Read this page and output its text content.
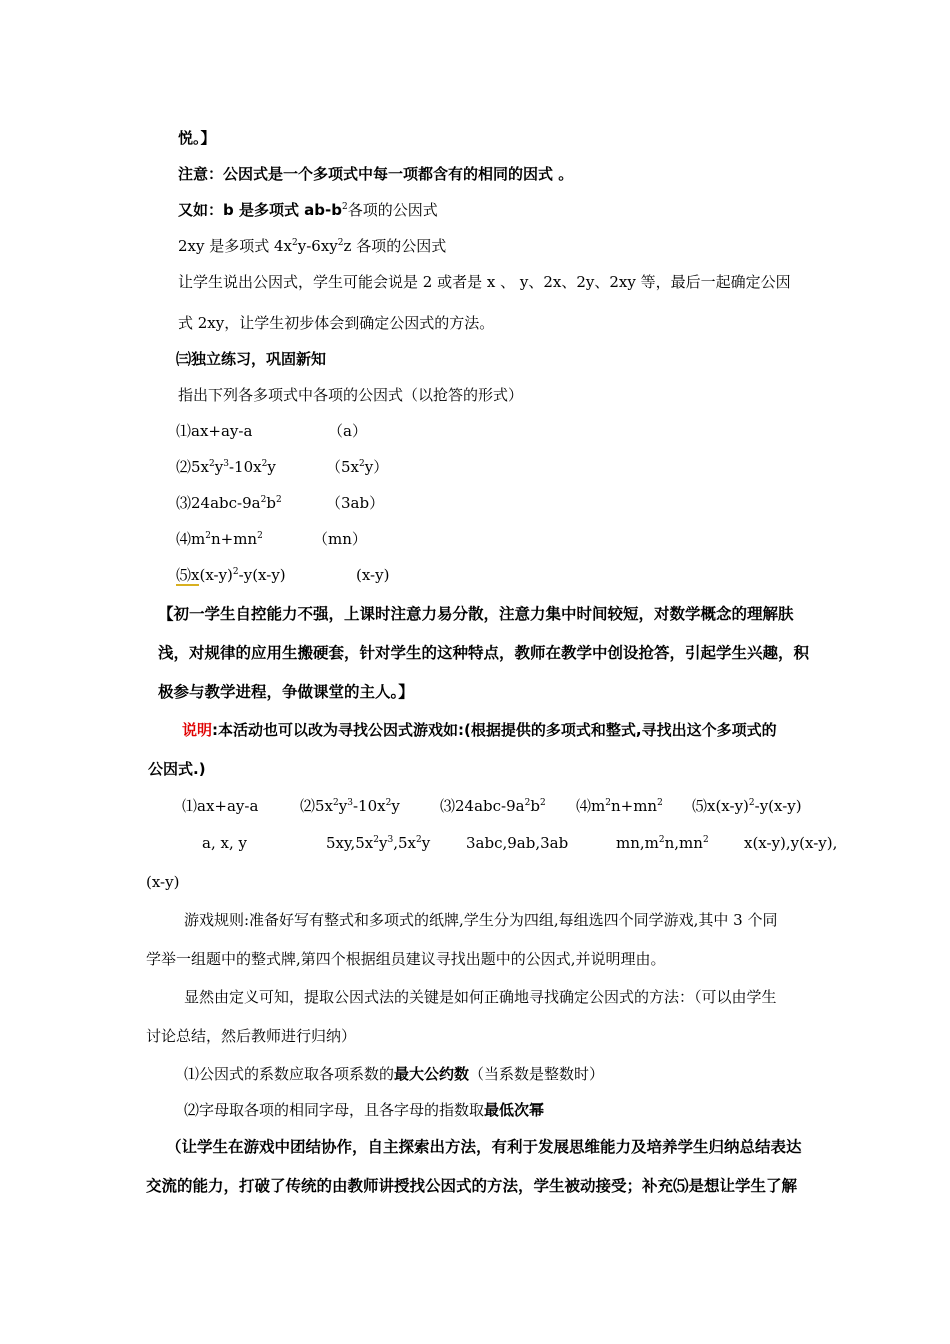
悦。】
注意：公因式是一个多项式中每一项都含有的相同的因式 。
又如：b 是多项式 $ab-b^2$各项的公因式
2xy 是多项式 $4x^2y-6xy^2z$ 各项的公因式
让学生说出公因式，学生可能会说是 2 或者是 x 、 y、2x、2y、2xy 等，最后一起确定公因
式 2xy，让学生初步体会到确定公因式的方法。
㈢独立练习，巩固新知
指出下列各多项式中各项的公因式（以抢答的形式）
⑴ax+ay-a	（a）
$⑵5x^2y^3-10x^2y$	$(5x^2y)$
$⑶24abc-9a^2b^2$	（3ab）
$⑷m^2n+mn^2$	（mn）
$⑸x(x-y)^2-y(x-y)$	(x-y)
【初一学生自控能力不强，上课时注意力易分散，注意力集中时间较短，对数学概念的理解肤
浅，对规律的应用生搬硬套，针对学生的这种特点，教师在教学中创设抢答，引起学生兴趣，积
极参与教学进程，争做课堂的主人。】
说明:本活动也可以改为寻找公因式游戏如:(根据提供的多项式和整式,寻找出这个多项式的
公因式.)
⑴ax+ay-a	$⑵5x^2y^3-10x^2y$	$⑶24abc-9a^2b^2$ $⑷m^2n+mn^2$ $⑸x(x-y)^2-y(x-y)$
a, x, y	$5xy,5x^2y^3,5x^2y$ 3abc,9ab,3ab	$mn,m^2n,mn^2$ x(x-y),y(x-y),
(x-y)
游戏规则:准备好写有整式和多项式的纸牌,学生分为四组,每组选四个同学游戏,其中 3 个同
学举一组题中的整式牌,第四个根据组员建议寻找出题中的公因式,并说明理由。
显然由定义可知，提取公因式法的关键是如何正确地寻找确定公因式的方法：（可以由学生
讨论总结，然后教师进行归纳）
⑴公因式的系数应取各项系数的最大公约数（当系数是整数时）
⑵字母取各项的相同字母，且各字母的指数取最低次幂
（让学生在游戏中团结协作，自主探索出方法，有利于发展思维能力及培养学生归纳总结表达
交流的能力，打破了传统的由教师讲授找公因式的方法，学生被动接受；补充⑸是想让学生了解
